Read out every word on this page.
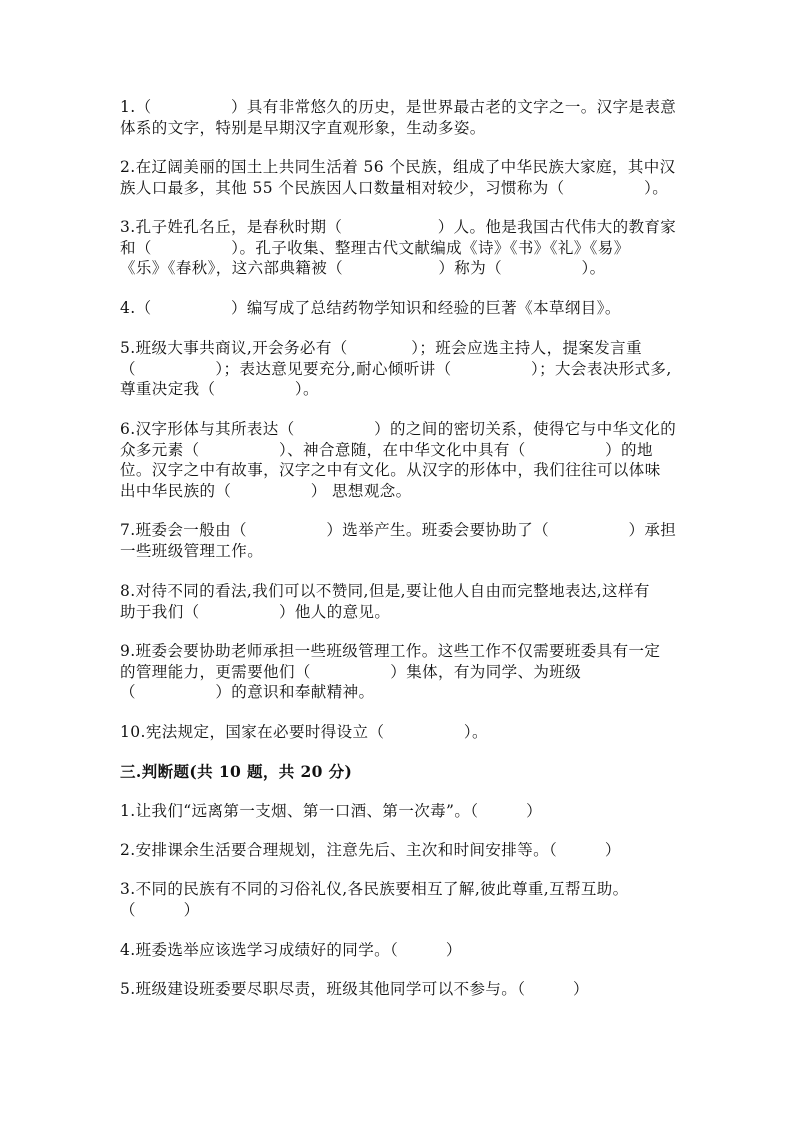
1.（　　　　　）具有非常悠久的历史，是世界最古老的文字之一。汉字是表意
体系的文字，特别是早期汉字直观形象，生动多姿。

2.在辽阔美丽的国土上共同生活着 56 个民族，组成了中华民族大家庭，其中汉
族人口最多，其他 55 个民族因人口数量相对较少，习惯称为（　　　　　）。

3.孔子姓孔名丘，是春秋时期（　　　　　　）人。他是我国古代伟大的教育家
和（　　　　　）。孔子收集、整理古代文献编成《诗》《书》《礼》《易》
《乐》《春秋》，这六部典籍被（　　　　　　）称为（　　　　　）。

4.（　　　　　）编写成了总结药物学知识和经验的巨著《本草纲目》。

5.班级大事共商议,开会务必有（　　　　）；班会应选主持人，提案发言重
（　　　　　）；表达意见要充分,耐心倾听讲（　　　　　）；大会表决形式多,
尊重决定我（　　　　　）。

6.汉字形体与其所表达（　　　　　）的之间的密切关系，使得它与中华文化的
众多元素（　　　　　）、神合意随，在中华文化中具有（　　　　　）的地
位。汉字之中有故事，汉字之中有文化。从汉字的形体中，我们往往可以体味
出中华民族的（　　　　　） 思想观念。

7.班委会一般由（　　　　　）选举产生。班委会要协助了（　　　　　）承担
一些班级管理工作。

8.对待不同的看法,我们可以不赞同,但是,要让他人自由而完整地表达,这样有
助于我们（　　　　　）他人的意见。

9.班委会要协助老师承担一些班级管理工作。这些工作不仅需要班委具有一定
的管理能力，更需要他们（　　　　　）集体，有为同学、为班级
（　　　　　）的意识和奉献精神。

10.宪法规定，国家在必要时得设立（　　　　　）。

三.判断题(共 10 题，共 20 分)

1.让我们“远离第一支烟、第一口酒、第一次毒”。（　　　）

2.安排课余生活要合理规划，注意先后、主次和时间安排等。（　　　）

3.不同的民族有不同的习俗礼仪,各民族要相互了解,彼此尊重,互帮互助。
（　　　）

4.班委选举应该选学习成绩好的同学。（　　　）

5.班级建设班委要尽职尽责，班级其他同学可以不参与。（　　　）
